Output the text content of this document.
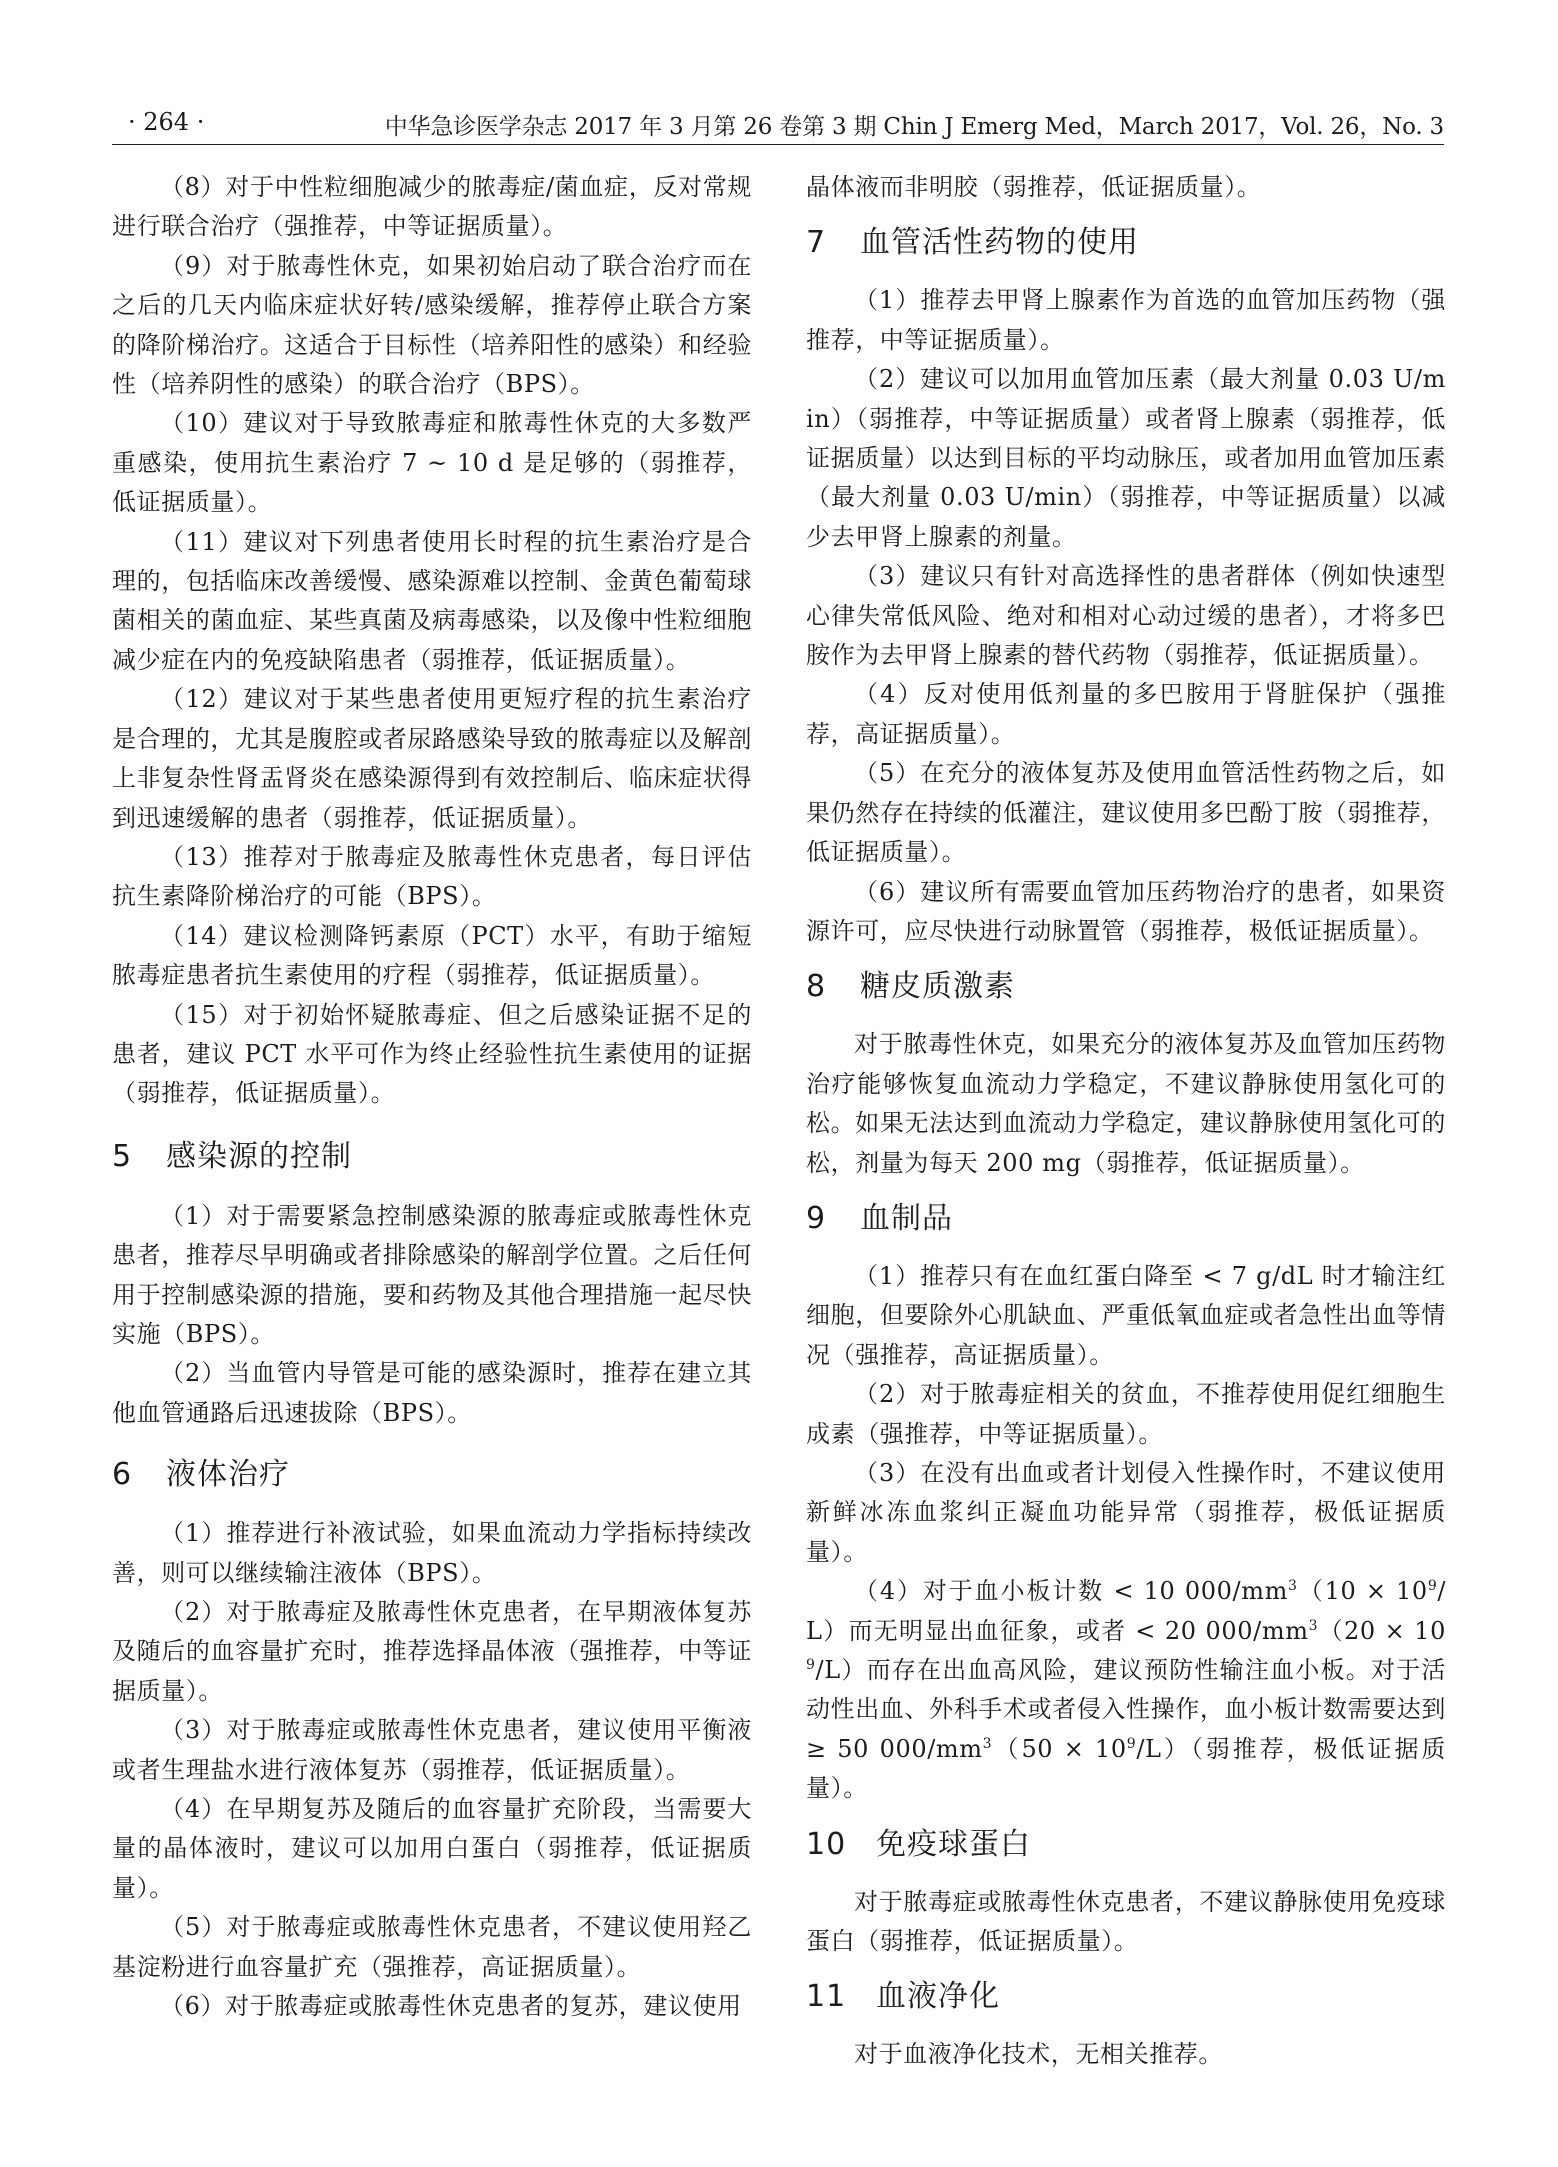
· 264 ·	中华急诊医学杂志 2017 年 3 月第 26 卷第 3 期 Chin J Emerg Med，March 2017，Vol. 26，No. 3

（8）对于中性粒细胞减少的脓毒症/菌血症，反对常规进行联合治疗（强推荐，中等证据质量）。

（9）对于脓毒性休克，如果初始启动了联合治疗而在之后的几天内临床症状好转/感染缓解，推荐停止联合方案的降阶梯治疗。这适合于目标性（培养阳性的感染）和经验性（培养阴性的感染）的联合治疗（BPS）。

（10）建议对于导致脓毒症和脓毒性休克的大多数严重感染，使用抗生素治疗 7 ~ 10 d 是足够的（弱推荐，低证据质量）。

（11）建议对下列患者使用长时程的抗生素治疗是合理的，包括临床改善缓慢、感染源难以控制、金黄色葡萄球菌相关的菌血症、某些真菌及病毒感染，以及像中性粒细胞减少症在内的免疫缺陷患者（弱推荐，低证据质量）。

（12）建议对于某些患者使用更短疗程的抗生素治疗是合理的，尤其是腹腔或者尿路感染导致的脓毒症以及解剖上非复杂性肾盂肾炎在感染源得到有效控制后、临床症状得到迅速缓解的患者（弱推荐，低证据质量）。

（13）推荐对于脓毒症及脓毒性休克患者，每日评估抗生素降阶梯治疗的可能（BPS）。

（14）建议检测降钙素原（PCT）水平，有助于缩短脓毒症患者抗生素使用的疗程（弱推荐，低证据质量）。

（15）对于初始怀疑脓毒症、但之后感染证据不足的患者，建议 PCT 水平可作为终止经验性抗生素使用的证据（弱推荐，低证据质量）。

5 感染源的控制

（1）对于需要紧急控制感染源的脓毒症或脓毒性休克患者，推荐尽早明确或者排除感染的解剖学位置。之后任何用于控制感染源的措施，要和药物及其他合理措施一起尽快实施（BPS）。

（2）当血管内导管是可能的感染源时，推荐在建立其他血管通路后迅速拔除（BPS）。

6 液体治疗

（1）推荐进行补液试验，如果血流动力学指标持续改善，则可以继续输注液体（BPS）。

（2）对于脓毒症及脓毒性休克患者，在早期液体复苏及随后的血容量扩充时，推荐选择晶体液（强推荐，中等证据质量）。

（3）对于脓毒症或脓毒性休克患者，建议使用平衡液或者生理盐水进行液体复苏（弱推荐，低证据质量）。

（4）在早期复苏及随后的血容量扩充阶段，当需要大量的晶体液时，建议可以加用白蛋白（弱推荐，低证据质量）。

（5）对于脓毒症或脓毒性休克患者，不建议使用羟乙基淀粉进行血容量扩充（强推荐，高证据质量）。

（6）对于脓毒症或脓毒性休克患者的复苏，建议使用

晶体液而非明胶（弱推荐，低证据质量）。

7 血管活性药物的使用

（1）推荐去甲肾上腺素作为首选的血管加压药物（强推荐，中等证据质量）。

（2）建议可以加用血管加压素（最大剂量 0.03 U/min）（弱推荐，中等证据质量）或者肾上腺素（弱推荐，低证据质量）以达到目标的平均动脉压，或者加用血管加压素（最大剂量 0.03 U/min）（弱推荐，中等证据质量）以减少去甲肾上腺素的剂量。

（3）建议只有针对高选择性的患者群体（例如快速型心律失常低风险、绝对和相对心动过缓的患者），才将多巴胺作为去甲肾上腺素的替代药物（弱推荐，低证据质量）。

（4）反对使用低剂量的多巴胺用于肾脏保护（强推荐，高证据质量）。

（5）在充分的液体复苏及使用血管活性药物之后，如果仍然存在持续的低灌注，建议使用多巴酚丁胺（弱推荐，低证据质量）。

（6）建议所有需要血管加压药物治疗的患者，如果资源许可，应尽快进行动脉置管（弱推荐，极低证据质量）。

8 糖皮质激素

对于脓毒性休克，如果充分的液体复苏及血管加压药物治疗能够恢复血流动力学稳定，不建议静脉使用氢化可的松。如果无法达到血流动力学稳定，建议静脉使用氢化可的松，剂量为每天 200 mg（弱推荐，低证据质量）。

9 血制品

（1）推荐只有在血红蛋白降至 < 7 g/dL 时才输注红细胞，但要除外心肌缺血、严重低氧血症或者急性出血等情况（强推荐，高证据质量）。

（2）对于脓毒症相关的贫血，不推荐使用促红细胞生成素（强推荐，中等证据质量）。

（3）在没有出血或者计划侵入性操作时，不建议使用新鲜冰冻血浆纠正凝血功能异常（弱推荐，极低证据质量）。

（4）对于血小板计数 < 10 $000/mm^3(10 \times 10^9/L)$而无明显出血征象，或者 < 20 $000/mm^3(20 \times 10^9/L)$而存在出血高风险，建议预防性输注血小板。对于活动性出血、外科手术或者侵入性操作，血小板计数需要达到 ≥ 50 $000/mm^3(50 \times 10^9/L)$（弱推荐，极低证据质量）。

10 免疫球蛋白

对于脓毒症或脓毒性休克患者，不建议静脉使用免疫球蛋白（弱推荐，低证据质量）。

11 血液净化

对于血液净化技术，无相关推荐。
